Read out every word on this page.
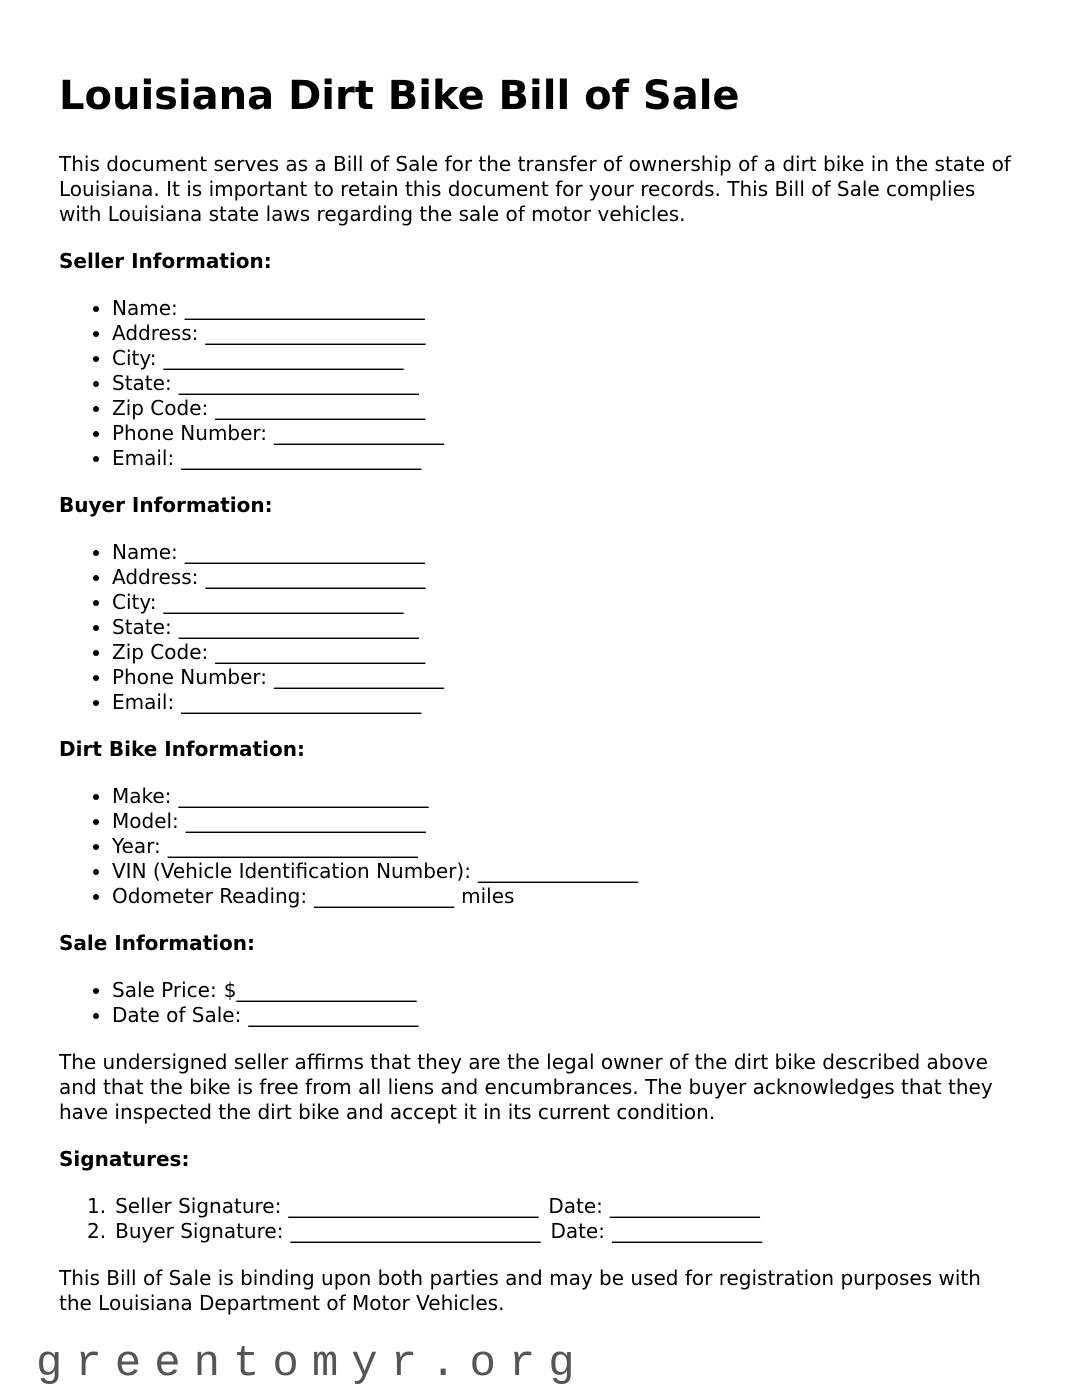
Louisiana Dirt Bike Bill of Sale

This document serves as a Bill of Sale for the transfer of ownership of a dirt bike in the state of Louisiana. It is important to retain this document for your records. This Bill of Sale complies with Louisiana state laws regarding the sale of motor vehicles.

Seller Information:

• Name: ________________________
• Address: ______________________
• City: ________________________
• State: ________________________
• Zip Code: _____________________
• Phone Number: _________________
• Email: ________________________

Buyer Information:

• Name: ________________________
• Address: ______________________
• City: ________________________
• State: ________________________
• Zip Code: _____________________
• Phone Number: _________________
• Email: ________________________

Dirt Bike Information:

• Make: _________________________
• Model: ________________________
• Year: _________________________
• VIN (Vehicle Identification Number): ________________
• Odometer Reading: ______________ miles

Sale Information:

• Sale Price: $__________________
• Date of Sale: _________________

The undersigned seller affirms that they are the legal owner of the dirt bike described above and that the bike is free from all liens and encumbrances. The buyer acknowledges that they have inspected the dirt bike and accept it in its current condition.

Signatures:

1. Seller Signature: _________________________ Date: _______________
2. Buyer Signature: _________________________ Date: _______________

This Bill of Sale is binding upon both parties and may be used for registration purposes with the Louisiana Department of Motor Vehicles.

greentomyr.org
